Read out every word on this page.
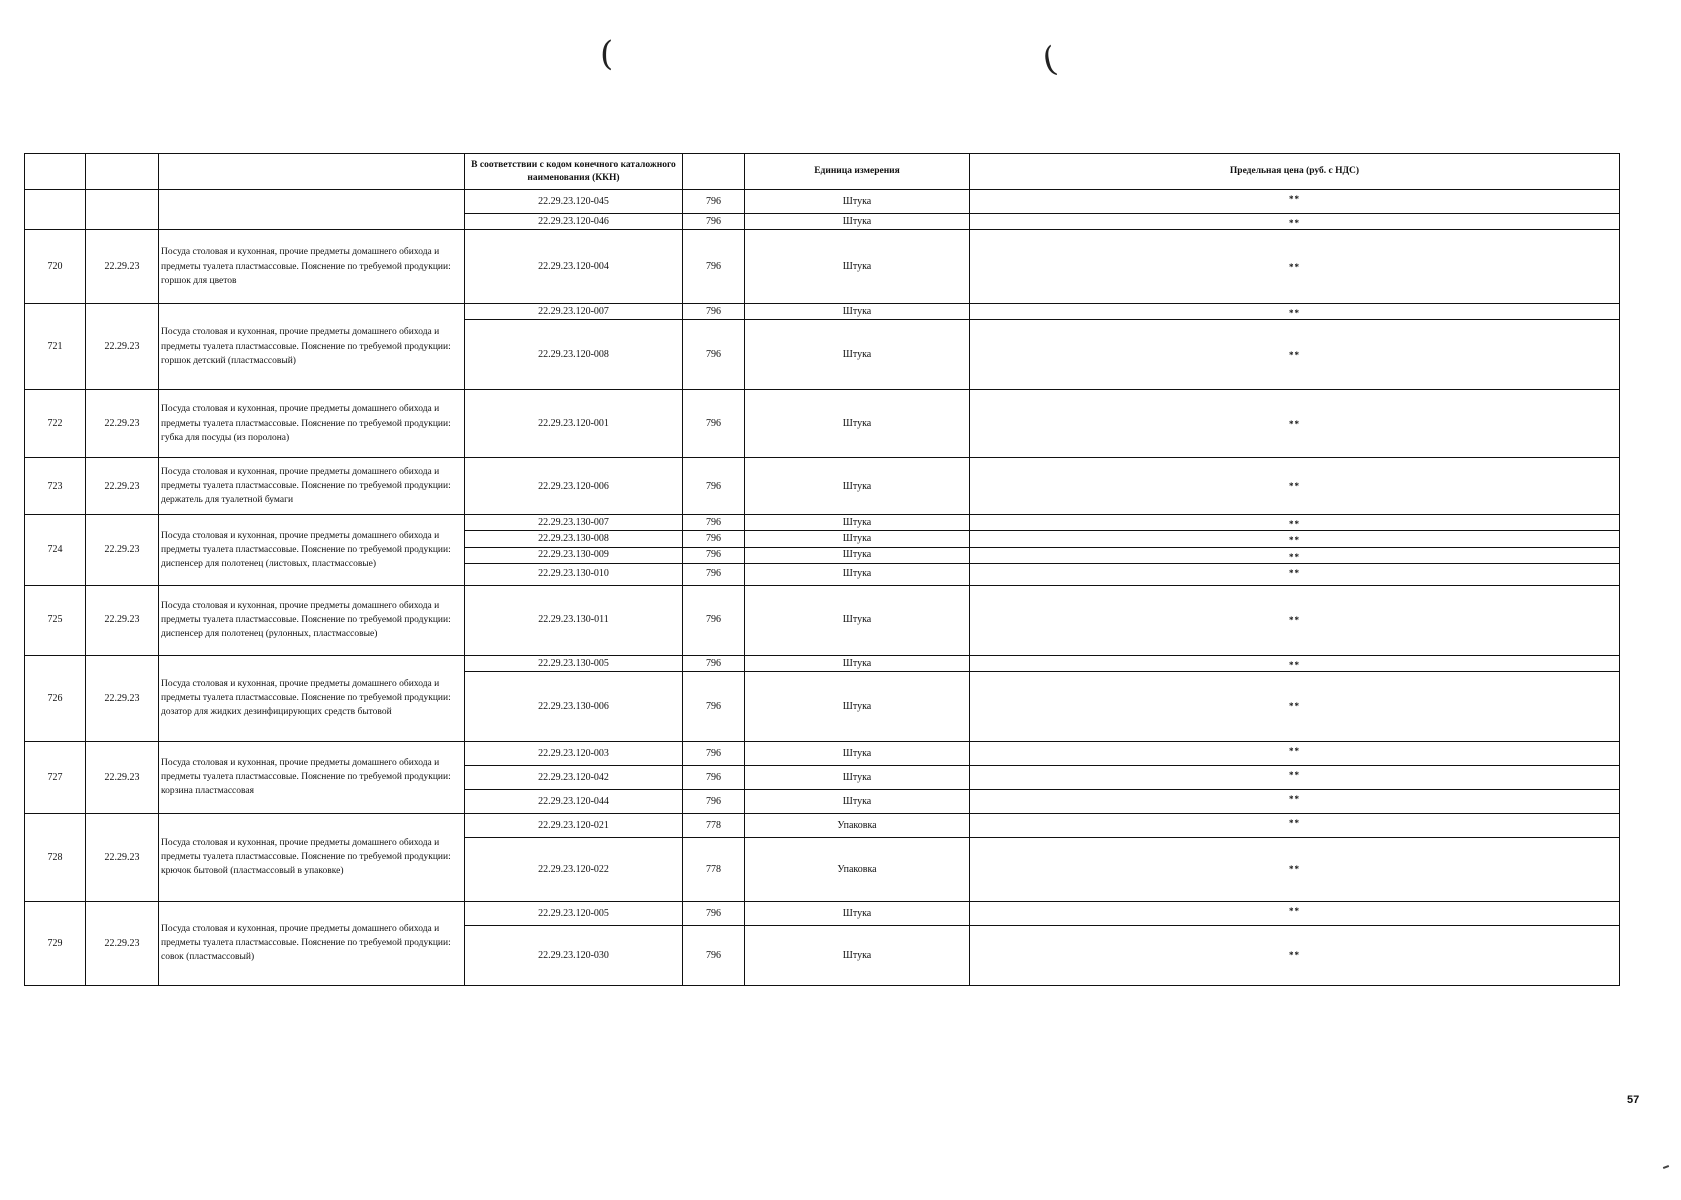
(	(
			В соответствии с кодом конечного каталожного наименования (ККН)		Единица измерения	Предельная цена (руб. с НДС)
			22.29.23.120-045	796	Штука	**
			22.29.23.120-046	796	Штука	**
720	22.29.23	Посуда столовая и кухонная, прочие предметы домашнего обихода и предметы туалета пластмассовые. Пояснение по требуемой продукции: горшок для цветов	22.29.23.120-004	796	Штука	**
721	22.29.23	Посуда столовая и кухонная, прочие предметы домашнего обихода и предметы туалета пластмассовые. Пояснение по требуемой продукции: горшок детский (пластмассовый)	22.29.23.120-007	796	Штука	**
			22.29.23.120-008	796	Штука	**
722	22.29.23	Посуда столовая и кухонная, прочие предметы домашнего обихода и предметы туалета пластмассовые. Пояснение по требуемой продукции: губка для посуды (из поролона)	22.29.23.120-001	796	Штука	**
723	22.29.23	Посуда столовая и кухонная, прочие предметы домашнего обихода и предметы туалета пластмассовые. Пояснение по требуемой продукции: держатель для туалетной бумаги	22.29.23.120-006	796	Штука	**
724	22.29.23	Посуда столовая и кухонная, прочие предметы домашнего обихода и предметы туалета пластмассовые. Пояснение по требуемой продукции: диспенсер для полотенец (листовых, пластмассовые)	22.29.23.130-007	796	Штука	**
			22.29.23.130-008	796	Штука	**
			22.29.23.130-009	796	Штука	**
			22.29.23.130-010	796	Штука	**
725	22.29.23	Посуда столовая и кухонная, прочие предметы домашнего обихода и предметы туалета пластмассовые. Пояснение по требуемой продукции: диспенсер для полотенец (рулонных, пластмассовые)	22.29.23.130-011	796	Штука	**
726	22.29.23	Посуда столовая и кухонная, прочие предметы домашнего обихода и предметы туалета пластмассовые. Пояснение по требуемой продукции: дозатор для жидких дезинфицирующих средств бытовой	22.29.23.130-005	796	Штука	**
			22.29.23.130-006	796	Штука	**
727	22.29.23	Посуда столовая и кухонная, прочие предметы домашнего обихода и предметы туалета пластмассовые. Пояснение по требуемой продукции: корзина пластмассовая	22.29.23.120-003	796	Штука	**
			22.29.23.120-042	796	Штука	**
			22.29.23.120-044	796	Штука	**
728	22.29.23	Посуда столовая и кухонная, прочие предметы домашнего обихода и предметы туалета пластмассовые. Пояснение по требуемой продукции: крючок бытовой (пластмассовый в упаковке)	22.29.23.120-021	778	Упаковка	**
			22.29.23.120-022	778	Упаковка	**
729	22.29.23	Посуда столовая и кухонная, прочие предметы домашнего обихода и предметы туалета пластмассовые. Пояснение по требуемой продукции: совок (пластмассовый)	22.29.23.120-005	796	Штука	**
			22.29.23.120-030	796	Штука	**
57
